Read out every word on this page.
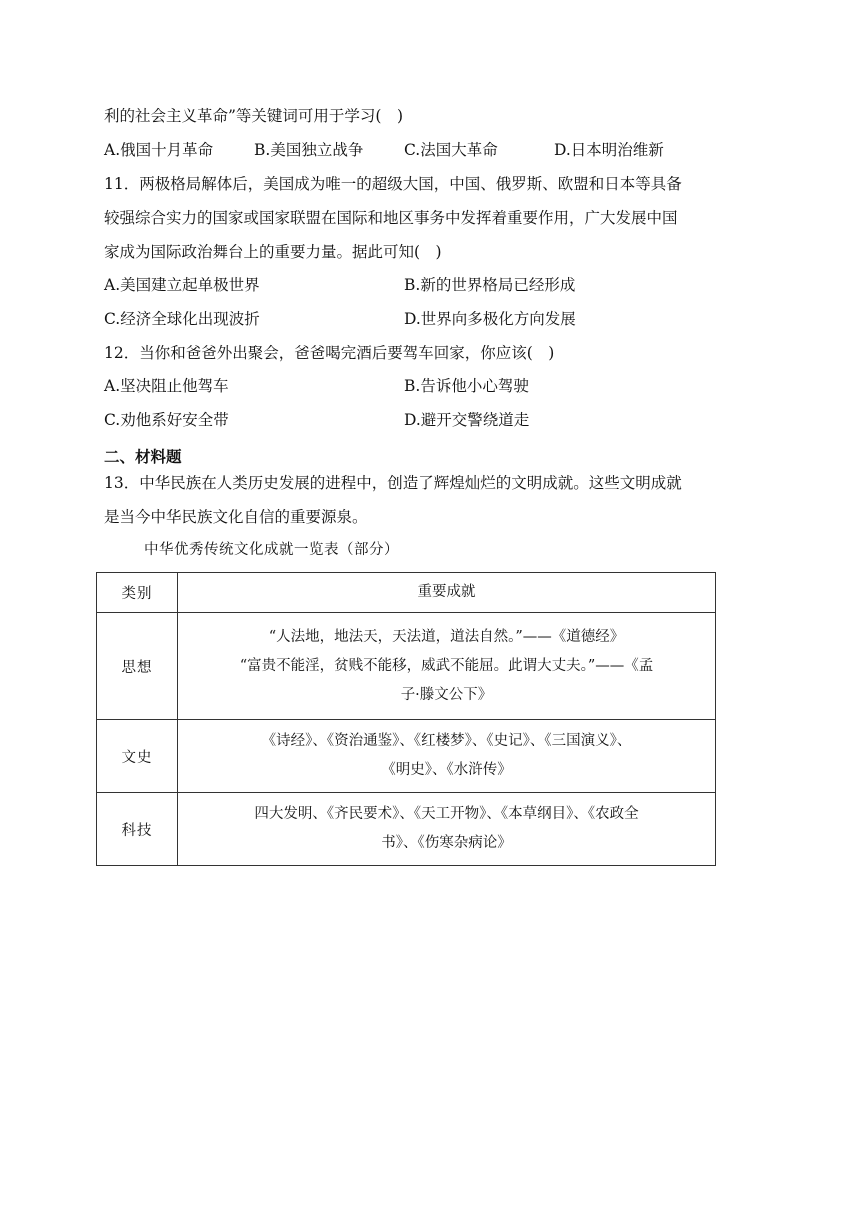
利的社会主义革命”等关键词可用于学习(　)
A.俄国十月革命	B.美国独立战争	C.法国大革命	D.日本明治维新
11．两极格局解体后，美国成为唯一的超级大国，中国、俄罗斯、欧盟和日本等具备
较强综合实力的国家或国家联盟在国际和地区事务中发挥着重要作用，广大发展中国
家成为国际政治舞台上的重要力量。据此可知(　)
A.美国建立起单极世界	B.新的世界格局已经形成
C.经济全球化出现波折	D.世界向多极化方向发展
12．当你和爸爸外出聚会，爸爸喝完酒后要驾车回家，你应该(　)
A.坚决阻止他驾车	B.告诉他小心驾驶
C.劝他系好安全带	D.避开交警绕道走
二、材料题
13．中华民族在人类历史发展的进程中，创造了辉煌灿烂的文明成就。这些文明成就
是当今中华民族文化自信的重要源泉。
中华优秀传统文化成就一览表（部分）
类别	重要成就
思想	“人法地，地法天，天法道，道法自然。”——《道德经》
“富贵不能淫，贫贱不能移，威武不能屈。此谓大丈夫。”——《孟
子·滕文公下》

文史	《诗经》、《资治通鉴》、《红楼梦》、《史记》、《三国演义》、
《明史》、《水浒传》

科技	四大发明、《齐民要术》、《天工开物》、《本草纲目》、《农政全
书》、《伤寒杂病论》
